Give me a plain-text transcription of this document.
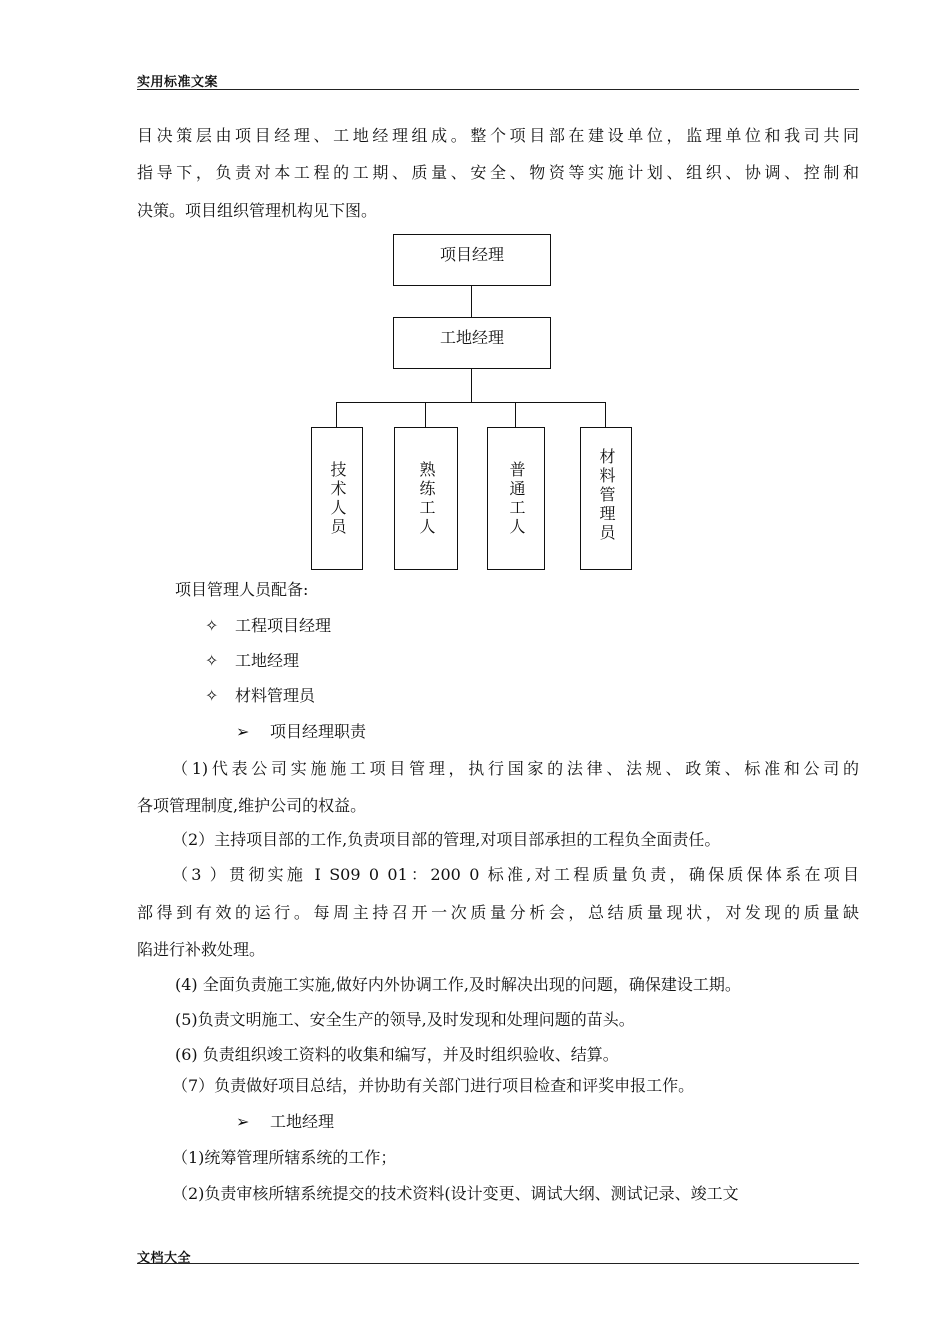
实用标准文案
目决策层由项目经理、工地经理组成。整个项目部在建设单位，监理单位和我司共同
指导下，负责对本工程的工期、质量、安全、物资等实施计划、组织、协调、控制和
决策。项目组织管理机构见下图。
项目经理
工地经理
技术人员	熟练工人	普通工人	材料管理员
项目管理人员配备:
✧ 工程项目经理
✧ 工地经理
✧ 材料管理员
➢ 项目经理职责
（1)代表公司实施施工项目管理，执行国家的法律、法规、政策、标准和公司的
各项管理制度,维护公司的权益。
（2）主持项目部的工作,负责项目部的管理,对项目部承担的工程负全面责任。
（3 ）贯彻实施 I S09 0 01：200 0 标准,对工程质量负责，确保质保体系在项目
部得到有效的运行。每周主持召开一次质量分析会，总结质量现状，对发现的质量缺
陷进行补救处理。
(4) 全面负责施工实施,做好内外协调工作,及时解决出现的问题，确保建设工期。
(5)负责文明施工、安全生产的领导,及时发现和处理问题的苗头。
(6) 负责组织竣工资料的收集和编写，并及时组织验收、结算。
（7）负责做好项目总结，并协助有关部门进行项目检查和评奖申报工作。
➢ 工地经理
（1)统筹管理所辖系统的工作；
（2)负责审核所辖系统提交的技术资料(设计变更、调试大纲、测试记录、竣工文
文档大全
